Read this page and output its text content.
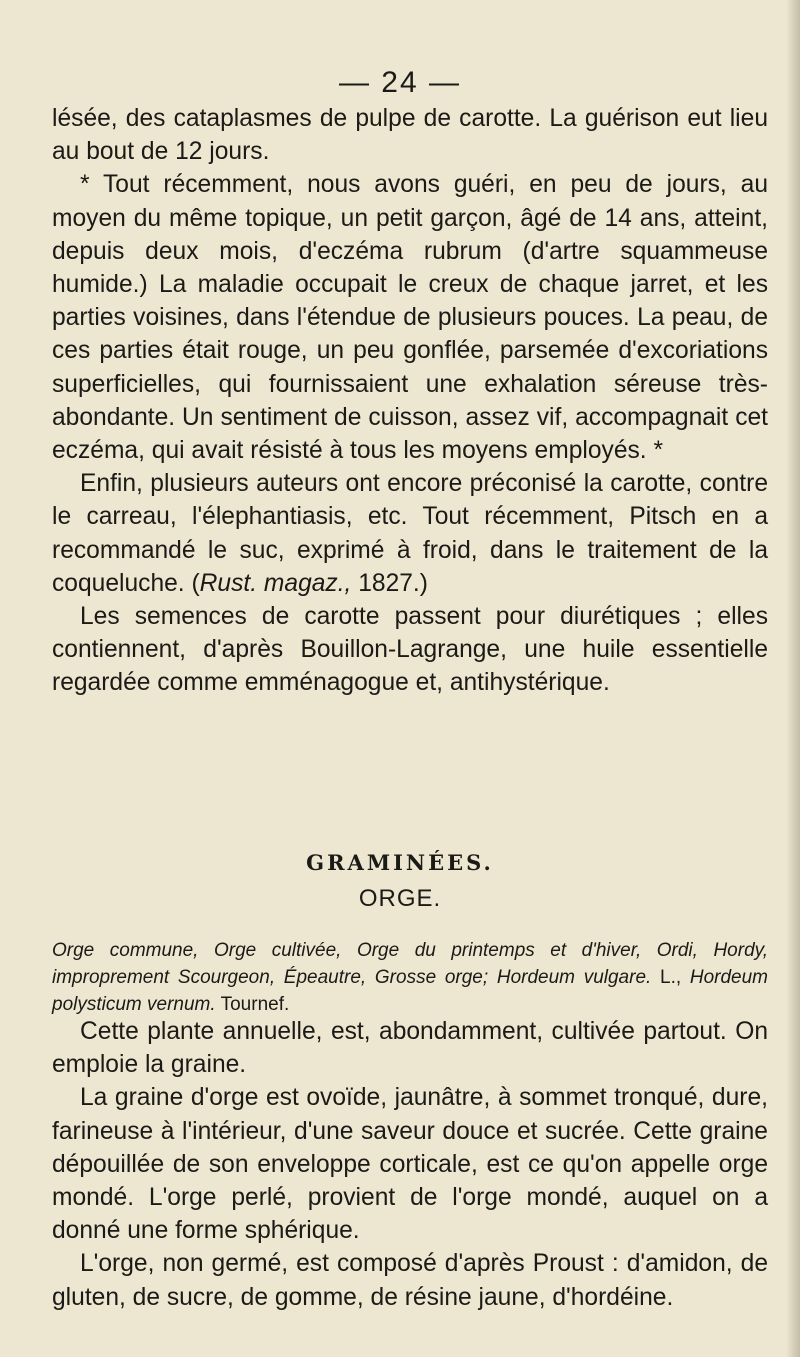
— 24 —

lésée, des cataplasmes de pulpe de carotte. La guérison eut lieu au bout de 12 jours.

* Tout récemment, nous avons guéri, en peu de jours, au moyen du même topique, un petit garçon, âgé de 14 ans, atteint, depuis deux mois, d'eczéma rubrum (d'artre squammeuse humide.) La maladie occupait le creux de chaque jarret, et les parties voisines, dans l'étendue de plusieurs pouces. La peau, de ces parties était rouge, un peu gonflée, parsemée d'excoriations superficielles, qui fournissaient une exhalation séreuse très-abondante. Un sentiment de cuisson, assez vif, accompagnait cet eczéma, qui avait résisté à tous les moyens employés. *

Enfin, plusieurs auteurs ont encore préconisé la carotte, contre le carreau, l'élephantiasis, etc. Tout récemment, Pitsch en a recommandé le suc, exprimé à froid, dans le traitement de la coqueluche. (Rust. magaz., 1827.)

Les semences de carotte passent pour diurétiques ; elles contiennent, d'après Bouillon-Lagrange, une huile essentielle regardée comme emménagogue et, antihystérique.

GRAMINÉES.
ORGE.
Orge commune, Orge cultivée, Orge du printemps et d'hiver, Ordi, Hordy, improprement Scourgeon, Épeautre, Grosse orge; Hordeum vulgare. L., Hordeum polysticum vernum. Tournef.

Cette plante annuelle, est, abondamment, cultivée partout. On emploie la graine.

La graine d'orge est ovoïde, jaunâtre, à sommet tronqué, dure, farineuse à l'intérieur, d'une saveur douce et sucrée. Cette graine dépouillée de son enveloppe corticale, est ce qu'on appelle orge mondé. L'orge perlé, provient de l'orge mondé, auquel on a donné une forme sphérique.

L'orge, non germé, est composé d'après Proust : d'amidon, de gluten, de sucre, de gomme, de résine jaune, d'hordéine.
